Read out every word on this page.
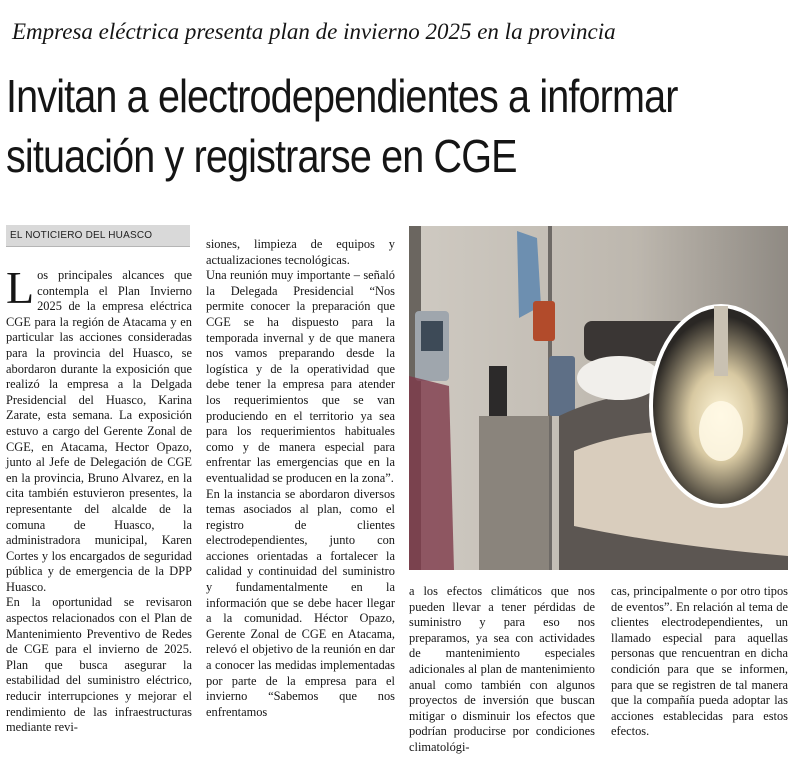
Empresa eléctrica presenta plan de invierno 2025 en la provincia
Invitan a electrodependientes a informar
situación y registrarse en CGE
EL NOTICIERO DEL HUASCO

Los principales alcances que contempla el Plan Invierno 2025 de la empresa eléctrica CGE para la región de Atacama y en particular las acciones consideradas para la provincia del Huasco, se abordaron durante la exposición que realizó la empresa a la Delgada Presidencial del Huasco, Karina Zarate, esta semana. La exposición estuvo a cargo del Gerente Zonal de CGE, en Atacama, Hector Opazo, junto al Jefe de Delegación de CGE en la provincia, Bruno Alvarez, en la cita también estuvieron presentes, la representante del alcalde de la comuna de Huasco, la administradora municipal, Karen Cortes y los encargados de seguridad pública y de emergencia de la DPP Huasco.

En la oportunidad se revisaron aspectos relacionados con el Plan de Mantenimiento Preventivo de Redes de CGE para el invierno de 2025. Plan que busca asegurar la estabilidad del suministro eléctrico, reducir interrupciones y mejorar el rendimiento de las infraestructuras mediante revi-

siones, limpieza de equipos y actualizaciones tecnológicas.

Una reunión muy importante – señaló la Delegada Presidencial “Nos permite conocer la preparación que CGE se ha dispuesto para la temporada invernal y de que manera nos vamos preparando desde la logística y de la operatividad que debe tener la empresa para atender los requerimientos que se van produciendo en el territorio ya sea para los requerimientos habituales como y de manera especial para enfrentar las emergencias que en la eventualidad se producen en la zona”.

En la instancia se abordaron diversos temas asociados al plan, como el registro de clientes electrodependientes, junto con acciones orientadas a fortalecer la calidad y continuidad del suministro y fundamentalmente en la información que se debe hacer llegar a la comunidad. Héctor Opazo, Gerente Zonal de CGE en Atacama, relevó el objetivo de la reunión en dar a conocer las medidas implementadas por parte de la empresa para el invierno “Sabemos que nos enfrentamos

a los efectos climáticos que nos pueden llevar a tener pérdidas de suministro y para eso nos preparamos, ya sea con actividades de mantenimiento especiales adicionales al plan de mantenimiento anual como también con algunos proyectos de inversión que buscan mitigar o disminuir los efectos que podrían producirse por condiciones climatológi-

cas, principalmente o por otro tipos de eventos”. En relación al tema de clientes electrodependientes, un llamado especial para aquellas personas que rencuentran en dicha condición para que se informen, para que se registren de tal manera que la compañía pueda adoptar las acciones establecidas para estos efectos.
